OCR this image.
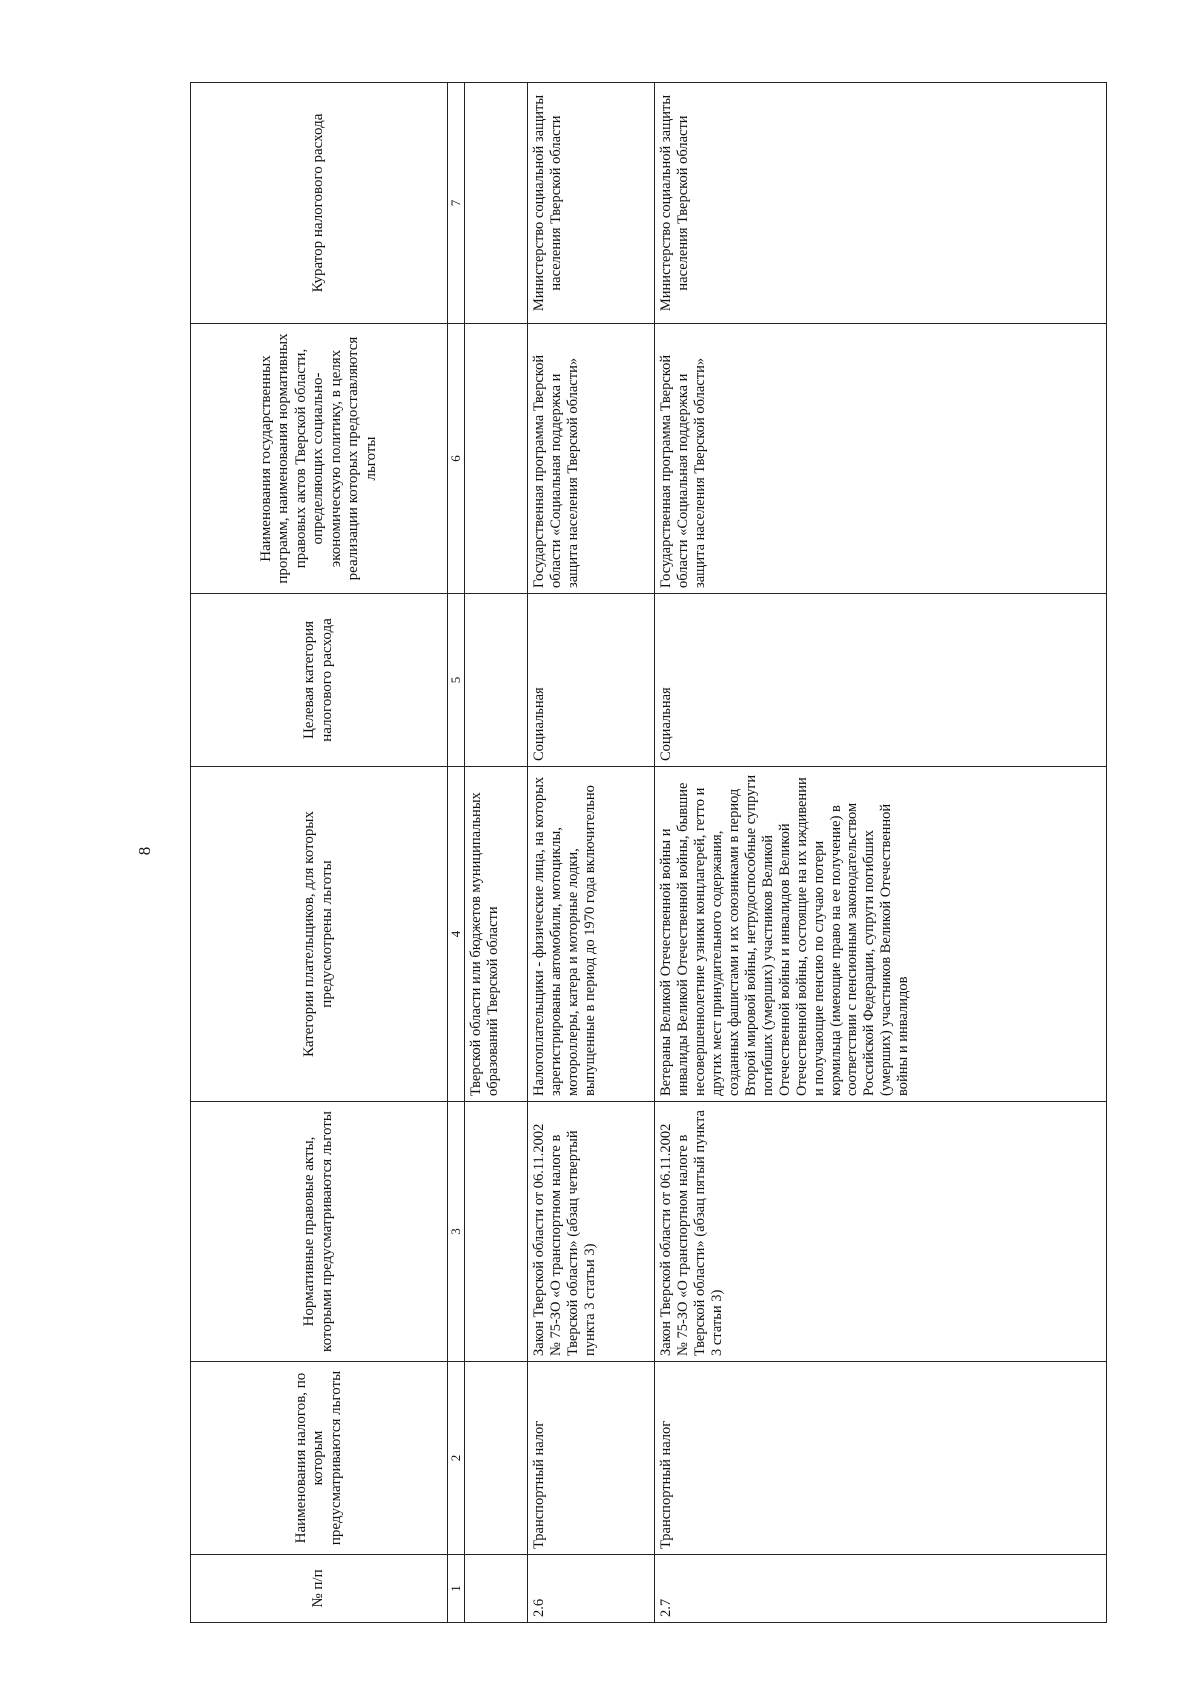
8
№ п/п	Наименования налогов, по которым предусматриваются льготы	Нормативные правовые акты, которыми предусматриваются льготы	Категории плательщиков, для которых предусмотрены льготы	Целевая категория налогового расхода	Наименования государственных программ, наименования нормативных правовых актов Тверской области, определяющих социально-экономическую политику, в целях реализации которых предоставляются льготы	Куратор налогового расхода
1	2	3	4	5	6	7
			Тверской области или бюджетов муниципальных образований Тверской области			
2.6	Транспортный налог	Закон Тверской области от 06.11.2002 № 75-ЗО «О транспортном налоге в Тверской области» (абзац четвертый пункта 3 статьи 3)	Налогоплательщики - физические лица, на которых зарегистрированы автомобили, мотоциклы, мотороллеры, катера и моторные лодки, выпущенные в период до 1970 года включительно	Социальная	Государственная программа Тверской области «Социальная поддержка и защита населения Тверской области»	Министерство социальной защиты населения Тверской области
2.7	Транспортный налог	Закон Тверской области от 06.11.2002 № 75-ЗО «О транспортном налоге в Тверской области» (абзац пятый пункта 3 статьи 3)	Ветераны Великой Отечественной войны и инвалиды Великой Отечественной войны, бывшие несовершеннолетние узники концлагерей, гетто и других мест принудительного содержания, созданных фашистами и их союзниками в период Второй мировой войны, нетрудоспособные супруги погибших (умерших) участников Великой Отечественной войны и инвалидов Великой Отечественной войны, состоящие на их иждивении и получающие пенсию по случаю потери кормильца (имеющие право на ее получение) в соответствии с пенсионным законодательством Российской Федерации, супруги погибших (умерших) участников Великой Отечественной войны и инвалидов	Социальная	Государственная программа Тверской области «Социальная поддержка и защита населения Тверской области»	Министерство социальной защиты населения Тверской области
